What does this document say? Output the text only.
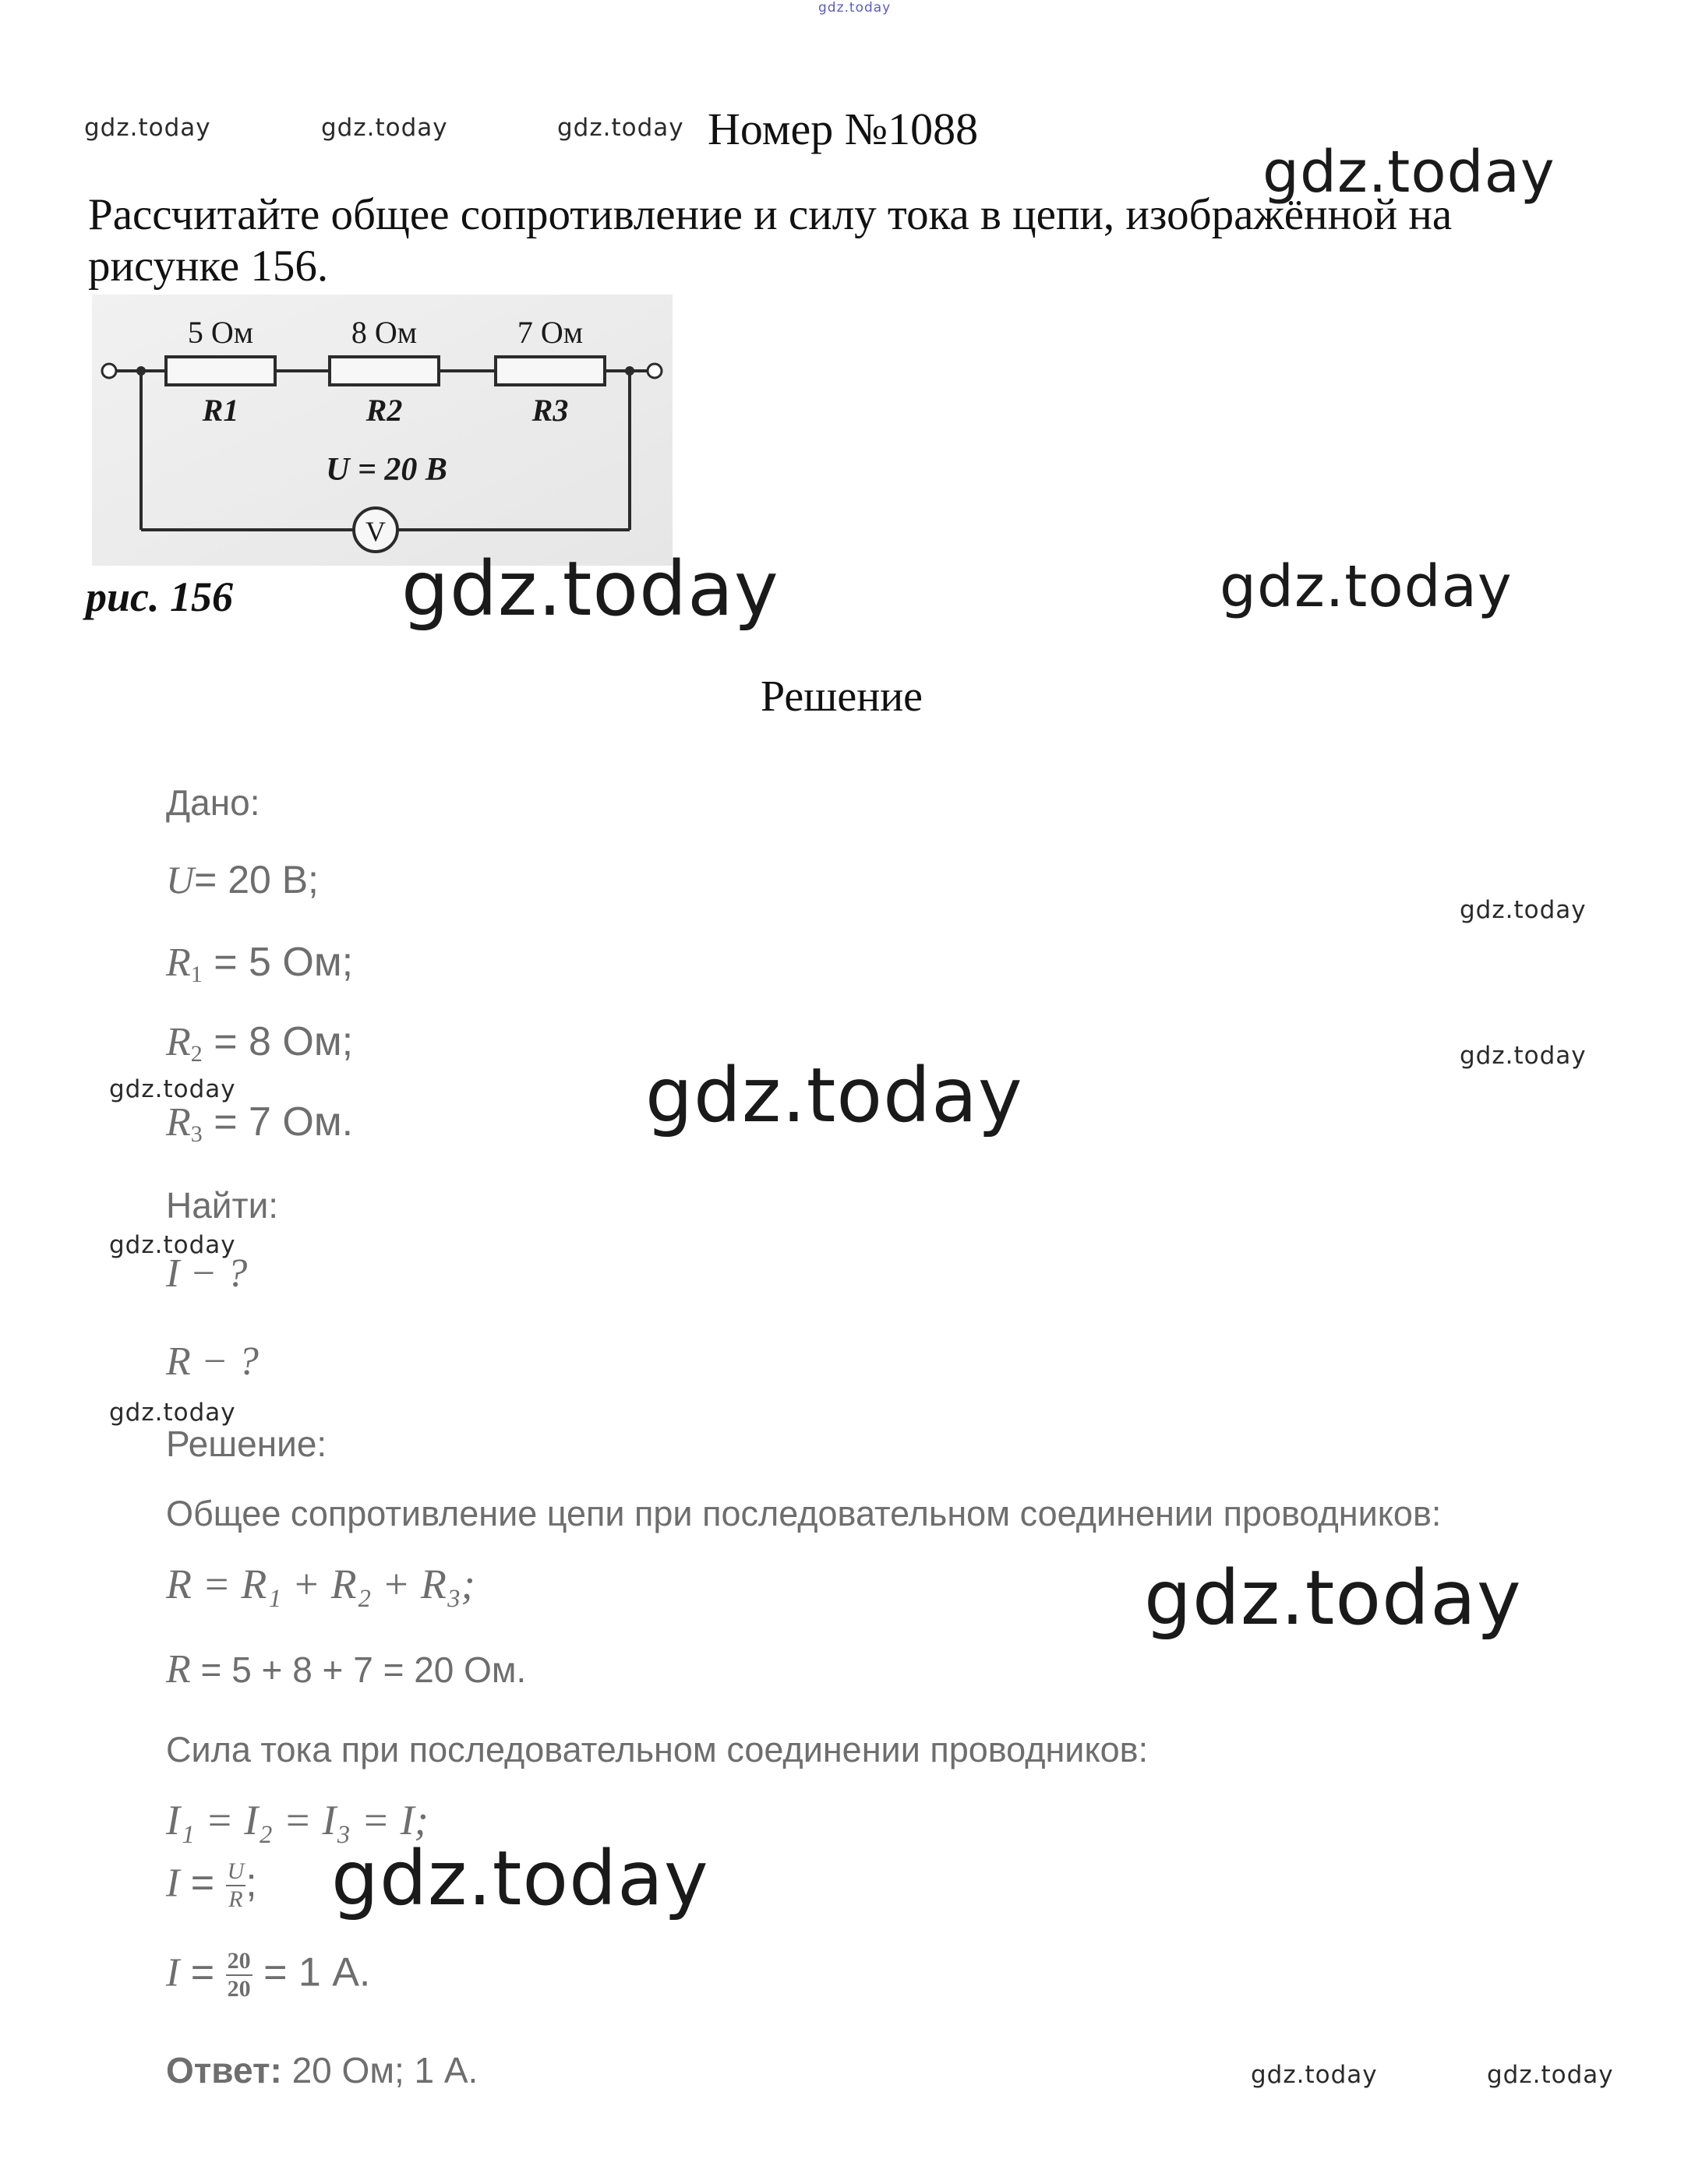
gdz.today
gdz.today	gdz.today	gdz.today Номер №1088
gdz.today
Рассчитайте общее сопротивление и силу тока в цепи, изображённой на
рисунке 156.
5 Ом	8 Ом	7 Ом
R1	R2	R3
U = 20 В
V
рис. 156 gdz.today	gdz.today
Решение
Дано:
U= 20 В;
gdz.today
$R_1 = 5$ Ом;
$R_2 = 8$ Ом;	gdz.today
gdz.today
$R_3 = 7$ Ом.	gdz.today
Найти:
gdz.today
I − ?
R − ?
gdz.today
Решение:
Общее сопротивление цепи при последовательном соединении проводников:
R = R₁ + R₂ + R₃;	gdz.today
R = 5 + 8 + 7 = 20 Ом.
Сила тока при последовательном соединении проводников:
I₁ = I₂ = I₃ = I;
$I = \frac{U}{R}$ ; gdz.today
$I = \frac{20}{20} = 1$ А.
Ответ: 20 Ом; 1 А.	gdz.today	gdz.today
